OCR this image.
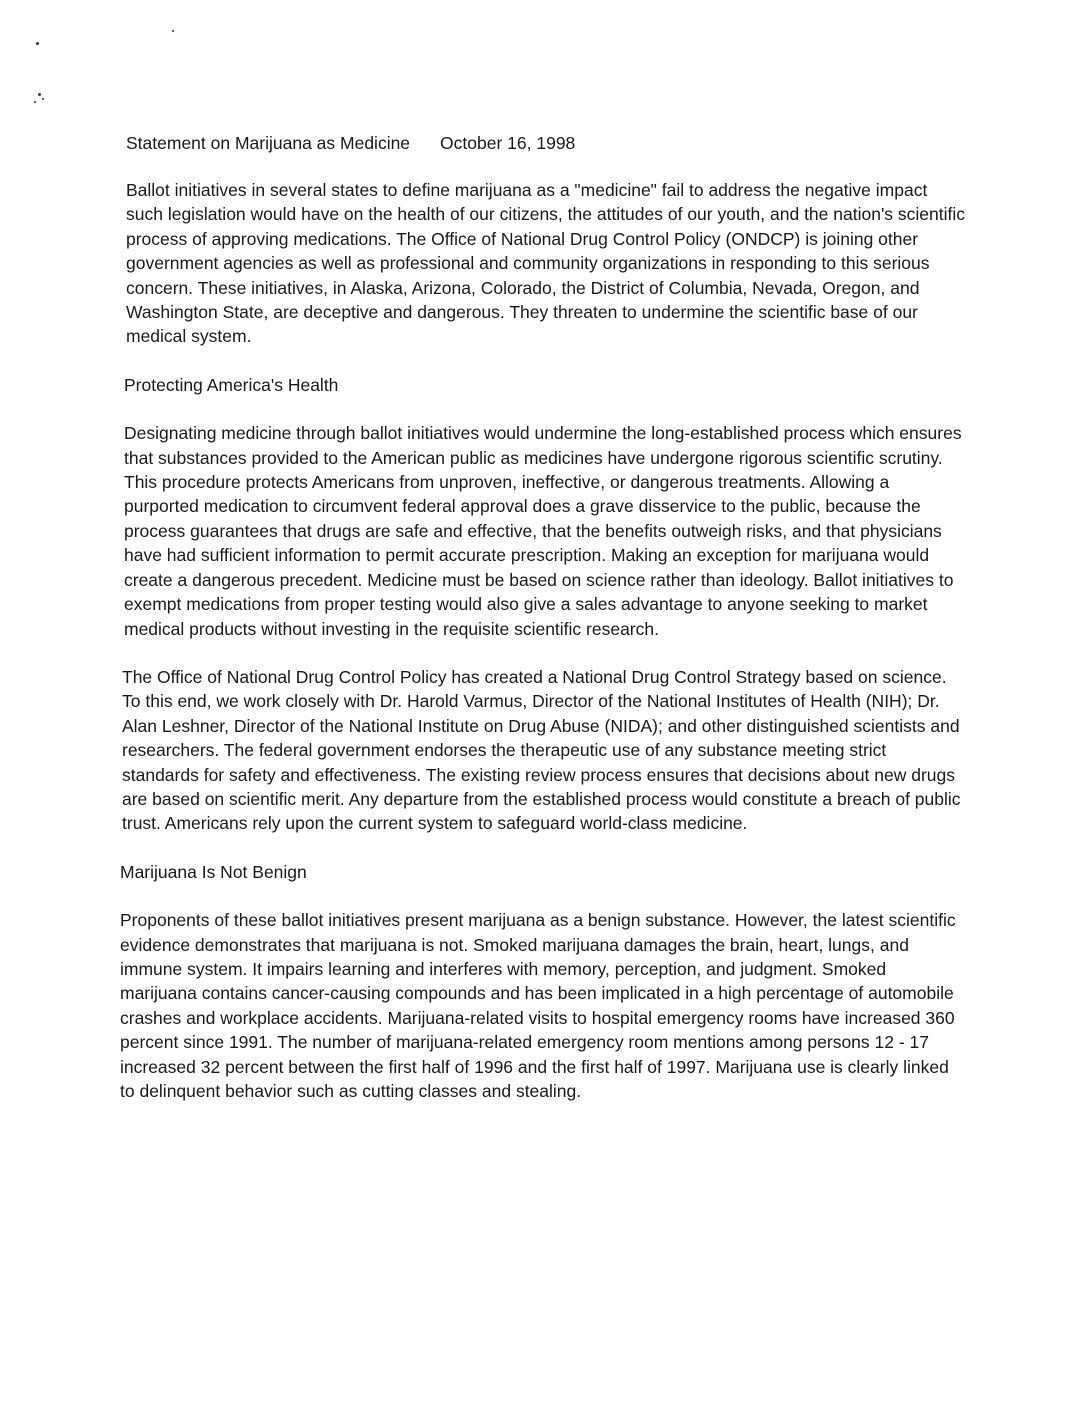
Statement on Marijuana as Medicine October 16, 1998

Ballot initiatives in several states to define marijuana as a "medicine" fail to address the negative impact such legislation would have on the health of our citizens, the attitudes of our youth, and the nation's scientific process of approving medications. The Office of National Drug Control Policy (ONDCP) is joining other government agencies as well as professional and community organizations in responding to this serious concern. These initiatives, in Alaska, Arizona, Colorado, the District of Columbia, Nevada, Oregon, and Washington State, are deceptive and dangerous. They threaten to undermine the scientific base of our medical system.

Protecting America's Health

Designating medicine through ballot initiatives would undermine the long-established process which ensures that substances provided to the American public as medicines have undergone rigorous scientific scrutiny. This procedure protects Americans from unproven, ineffective, or dangerous treatments. Allowing a purported medication to circumvent federal approval does a grave disservice to the public, because the process guarantees that drugs are safe and effective, that the benefits outweigh risks, and that physicians have had sufficient information to permit accurate prescription. Making an exception for marijuana would create a dangerous precedent. Medicine must be based on science rather than ideology. Ballot initiatives to exempt medications from proper testing would also give a sales advantage to anyone seeking to market medical products without investing in the requisite scientific research.

The Office of National Drug Control Policy has created a National Drug Control Strategy based on science. To this end, we work closely with Dr. Harold Varmus, Director of the National Institutes of Health (NIH); Dr. Alan Leshner, Director of the National Institute on Drug Abuse (NIDA); and other distinguished scientists and researchers. The federal government endorses the therapeutic use of any substance meeting strict standards for safety and effectiveness. The existing review process ensures that decisions about new drugs are based on scientific merit. Any departure from the established process would constitute a breach of public trust. Americans rely upon the current system to safeguard world-class medicine.

Marijuana Is Not Benign

Proponents of these ballot initiatives present marijuana as a benign substance. However, the latest scientific evidence demonstrates that marijuana is not. Smoked marijuana damages the brain, heart, lungs, and immune system. It impairs learning and interferes with memory, perception, and judgment. Smoked marijuana contains cancer-causing compounds and has been implicated in a high percentage of automobile crashes and workplace accidents. Marijuana-related visits to hospital emergency rooms have increased 360 percent since 1991. The number of marijuana-related emergency room mentions among persons 12 - 17 increased 32 percent between the first half of 1996 and the first half of 1997. Marijuana use is clearly linked to delinquent behavior such as cutting classes and stealing.
